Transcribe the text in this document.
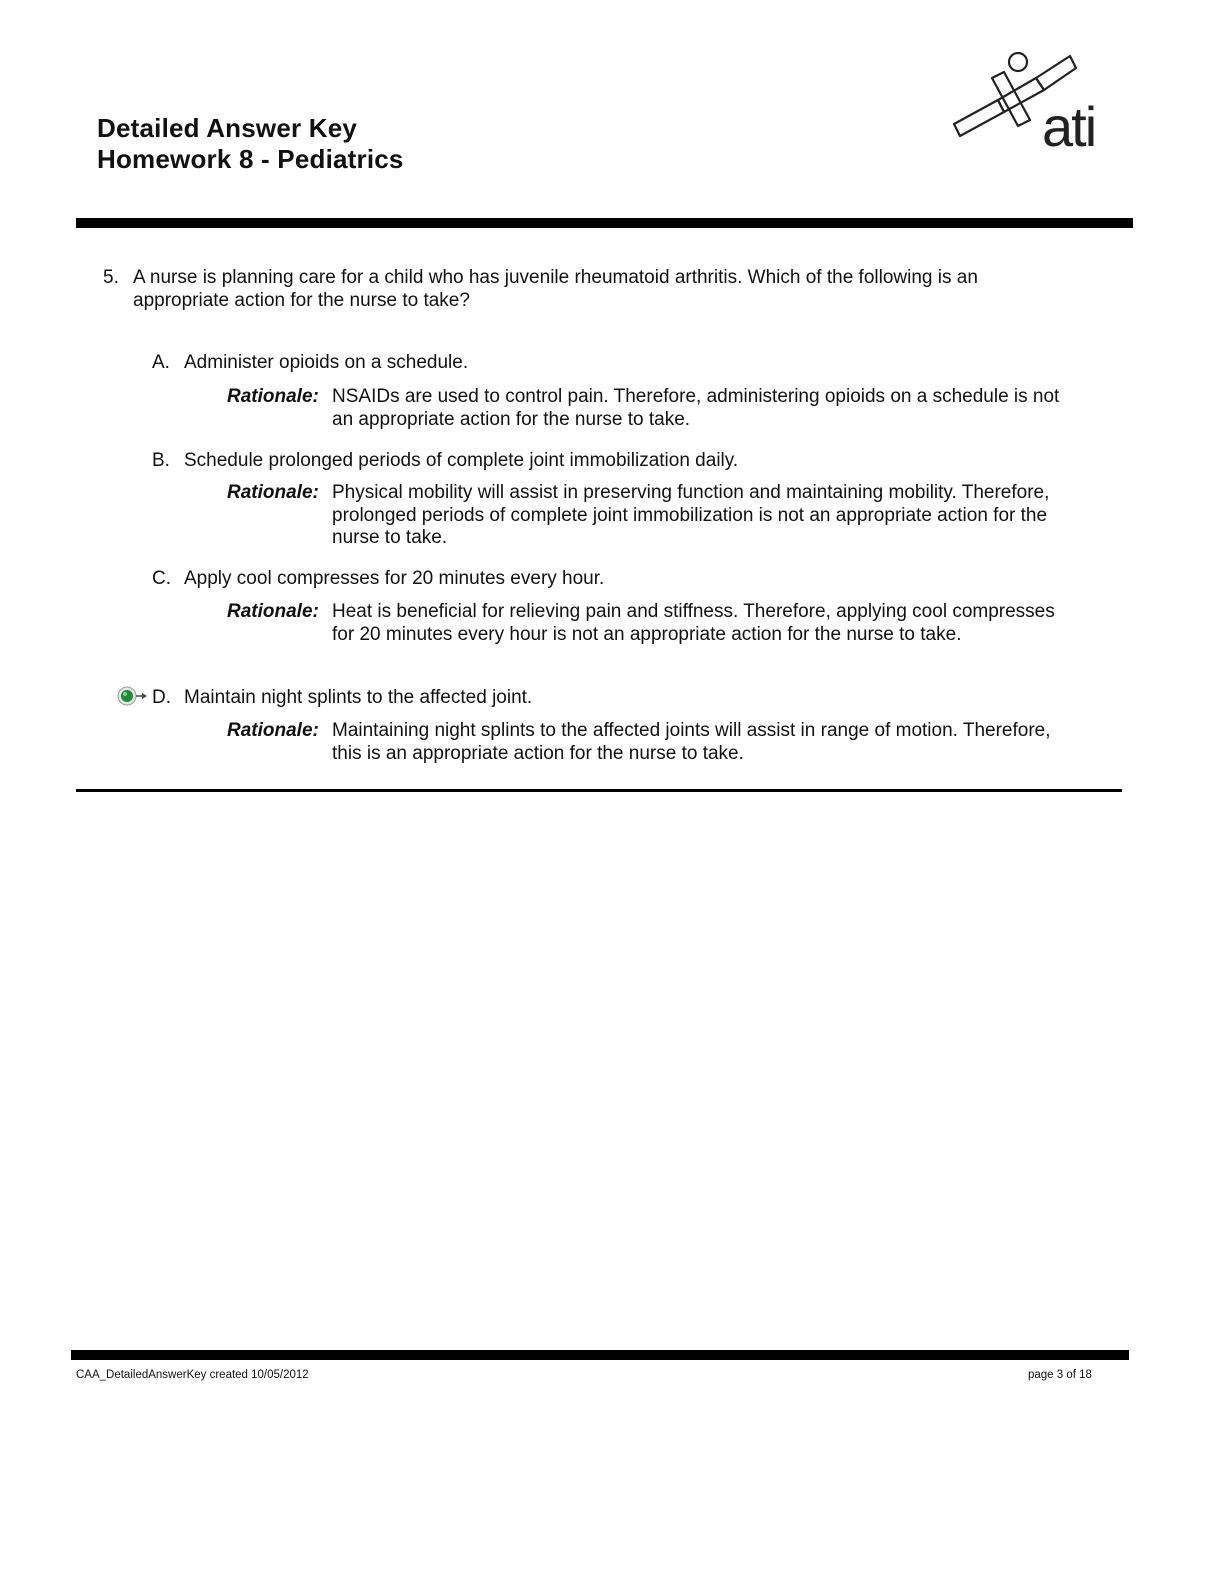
Detailed Answer Key
Homework 8 - Pediatrics
ati
5. A nurse is planning care for a child who has juvenile rheumatoid arthritis. Which of the following is an appropriate action for the nurse to take?
A. Administer opioids on a schedule.
Rationale: NSAIDs are used to control pain. Therefore, administering opioids on a schedule is not an appropriate action for the nurse to take.
B. Schedule prolonged periods of complete joint immobilization daily.
Rationale: Physical mobility will assist in preserving function and maintaining mobility. Therefore, prolonged periods of complete joint immobilization is not an appropriate action for the nurse to take.
C. Apply cool compresses for 20 minutes every hour.
Rationale: Heat is beneficial for relieving pain and stiffness. Therefore, applying cool compresses for 20 minutes every hour is not an appropriate action for the nurse to take.
D. Maintain night splints to the affected joint.
Rationale: Maintaining night splints to the affected joints will assist in range of motion. Therefore, this is an appropriate action for the nurse to take.
CAA_DetailedAnswerKey created 10/05/2012	page 3 of 18
